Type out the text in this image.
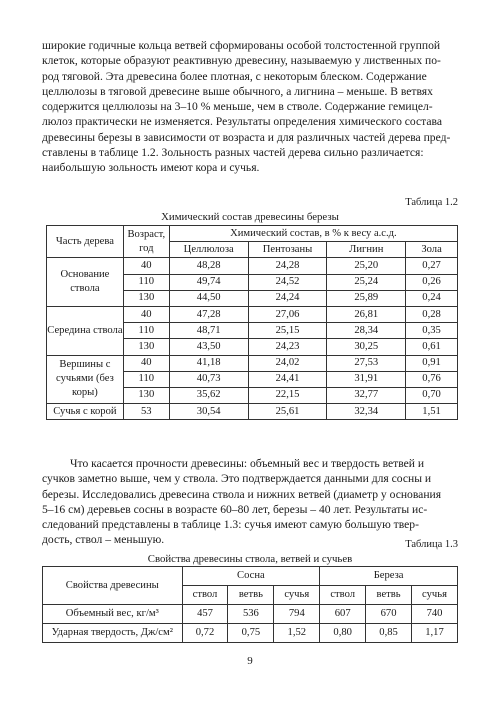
широкие годичные кольца ветвей сформированы особой толстостенной группой
клеток, которые образуют реактивную древесину, называемую у лиственных по-
род тяговой. Эта древесина более плотная, с некоторым блеском. Содержание
целлюлозы в тяговой древесине выше обычного, а лигнина – меньше. В ветвях
содержится целлюлозы на 3–10 % меньше, чем в стволе. Содержание гемицел-
люлоз практически не изменяется. Результаты определения химического состава
древесины березы в зависимости от возраста и для различных частей дерева пред-
ставлены в таблице 1.2. Зольность разных частей дерева сильно различается:
наибольшую зольность имеют кора и сучья.
Таблица 1.2
Химический состав древесины березы
Часть дерева	Возраст, год	Химический состав, в % к весу а.с.д.			
		Целлюлоза	Пентозаны	Лигнин	Зола
Основание ствола	40	48,28	24,28	25,20	0,27
	110	49,74	24,52	25,24	0,26
	130	44,50	24,24	25,89	0,24
Середина ствола	40	47,28	27,06	26,81	0,28
	110	48,71	25,15	28,34	0,35
	130	43,50	24,23	30,25	0,61
Вершины с сучьями (без коры)	40	41,18	24,02	27,53	0,91
	110	40,73	24,41	31,91	0,76
	130	35,62	22,15	32,77	0,70
Сучья с корой	53	30,54	25,61	32,34	1,51
Что касается прочности древесины: объемный вес и твердость ветвей и
сучков заметно выше, чем у ствола. Это подтверждается данными для сосны и
березы. Исследовались древесина ствола и нижних ветвей (диаметр у основания
5–16 см) деревьев сосны в возрасте 60–80 лет, березы – 40 лет. Результаты ис-
следований представлены в таблице 1.3: сучья имеют самую большую твер-
дость, ствол – меньшую.	Таблица 1.3
Свойства древесины ствола, ветвей и сучьев
Свойства древесины	Сосна			Береза		
	ствол	ветвь	сучья	ствол	ветвь	сучья
Объемный вес, кг/м³	457	536	794	607	670	740
Ударная твердость, Дж/см²	0,72	0,75	1,52	0,80	0,85	1,17
9
